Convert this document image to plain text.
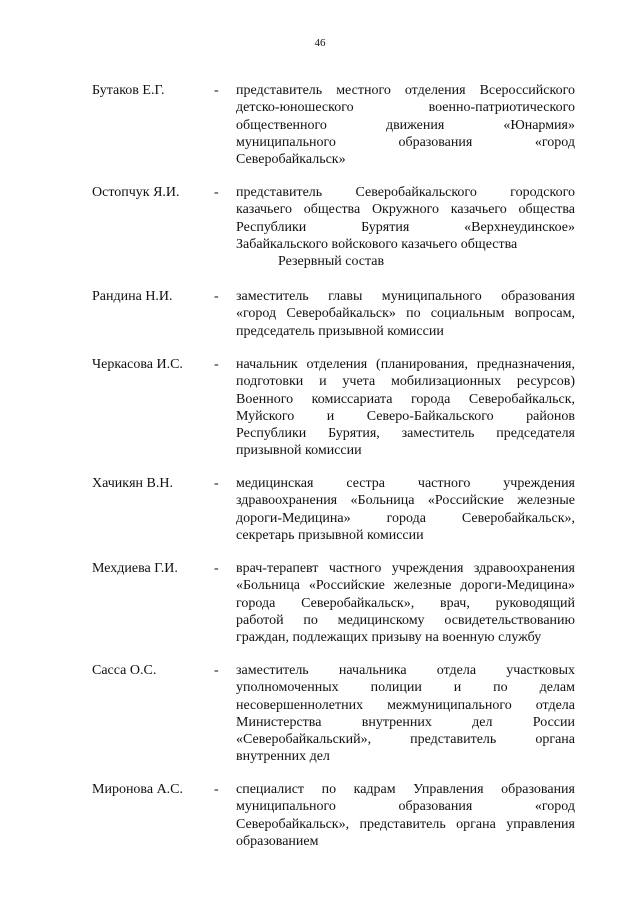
46
Бутаков Е.Г.	- представитель местного отделения Всероссийского
детско-юношеского военно-патриотического
общественного движения «Юнармия»
муниципального образования «город
Северобайкальск»
Остопчук Я.И. - представитель Северобайкальского городского
казачьего общества Окружного казачьего общества
Республики Бурятия «Верхнеудинское»
Забайкальского войскового казачьего общества
Резервный состав
Рандина Н.И.	- заместитель главы муниципального образования
«город Северобайкальск» по социальным вопросам,
председатель призывной комиссии
Черкасова И.С. - начальник отделения (планирования, предназначения,
подготовки и учета мобилизационных ресурсов)
Военного комиссариата города Северобайкальск,
Муйского и Северо-Байкальского районов
Республики Бурятия, заместитель председателя
призывной комиссии
Хачикян В.Н.	- медицинская сестра частного учреждения
здравоохранения «Больница «Российские железные
дороги-Медицина» города Северобайкальск»,
секретарь призывной комиссии
Мехдиева Г.И.	- врач-терапевт частного учреждения здравоохранения
«Больница «Российские железные дороги-Медицина»
города Северобайкальск», врач, руководящий
работой по медицинскому освидетельствованию
граждан, подлежащих призыву на военную службу
Сасса О.С.	- заместитель начальника отдела участковых
уполномоченных полиции и по делам
несовершеннолетних межмуниципального отдела
Министерства внутренних дел России
«Северобайкальский», представитель органа
внутренних дел
Миронова А.С. - специалист по кадрам Управления образования
муниципального образования «город
Северобайкальск», представитель органа управления
образованием
